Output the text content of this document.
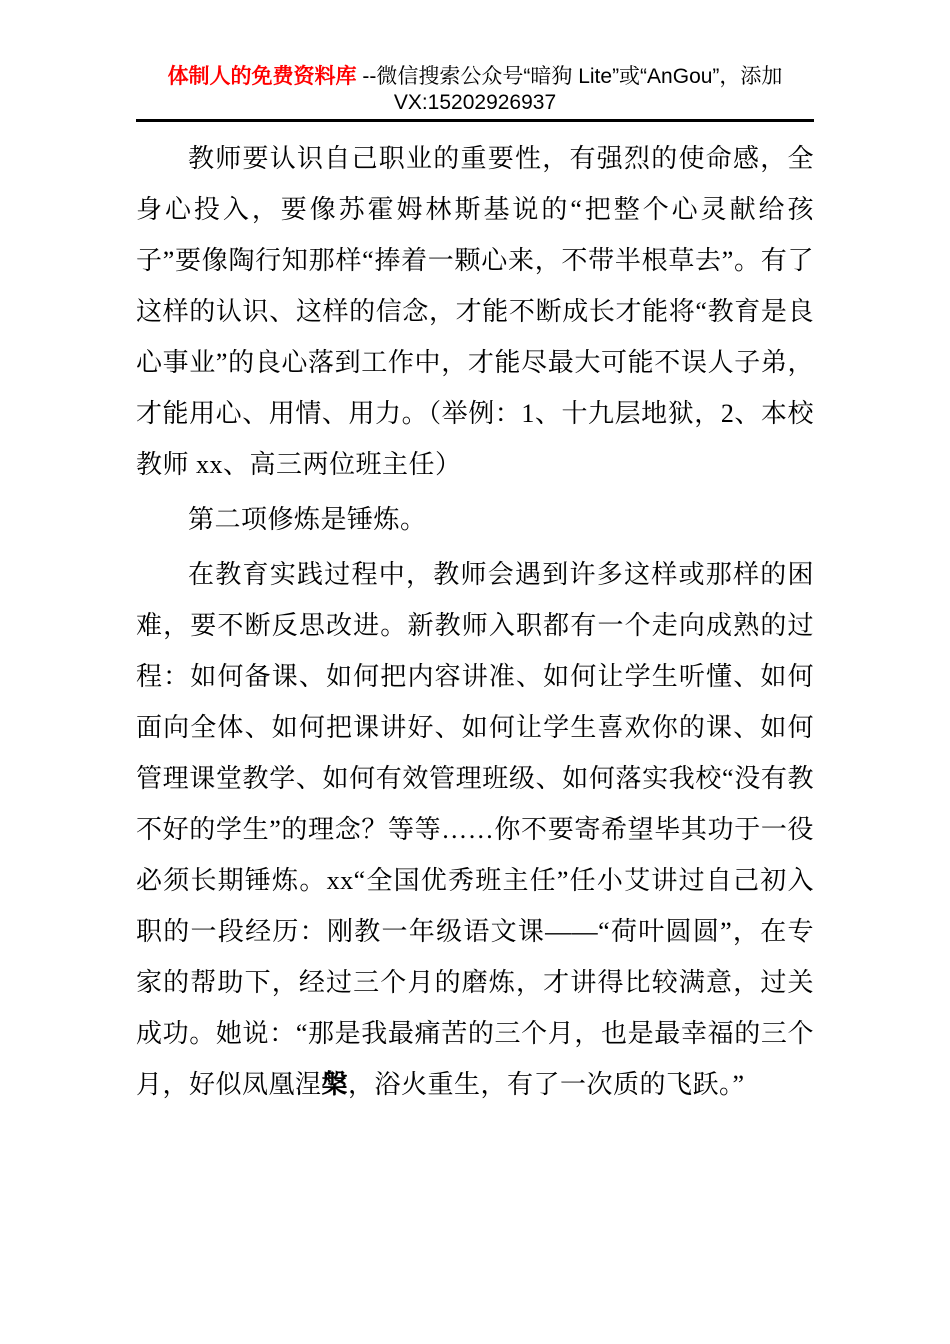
体制人的免费资料库 --微信搜索公众号“暗狗 Lite”或“AnGou”，添加
VX:15202926937

教师要认识自己职业的重要性，有强烈的使命感，全身心投入，要像苏霍姆林斯基说的“把整个心灵献给孩子”要像陶行知那样“捧着一颗心来，不带半根草去”。有了这样的认识、这样的信念，才能不断成长才能将“教育是良心事业”的良心落到工作中，才能尽最大可能不误人子弟，才能用心、用情、用力。（举例：1、十九层地狱，2、本校教师 xx、高三两位班主任）

第二项修炼是锤炼。

在教育实践过程中，教师会遇到许多这样或那样的困难，要不断反思改进。新教师入职都有一个走向成熟的过程：如何备课、如何把内容讲准、如何让学生听懂、如何面向全体、如何把课讲好、如何让学生喜欢你的课、如何管理课堂教学、如何有效管理班级、如何落实我校“没有教不好的学生”的理念？等等……你不要寄希望毕其功于一役必须长期锤炼。xx“全国优秀班主任”任小艾讲过自己初入职的一段经历：刚教一年级语文课——“荷叶圆圆”，在专家的帮助下，经过三个月的磨炼，才讲得比较满意，过关成功。她说：“那是我最痛苦的三个月，也是最幸福的三个月，好似凤凰涅槃，浴火重生，有了一次质的飞跃。”
